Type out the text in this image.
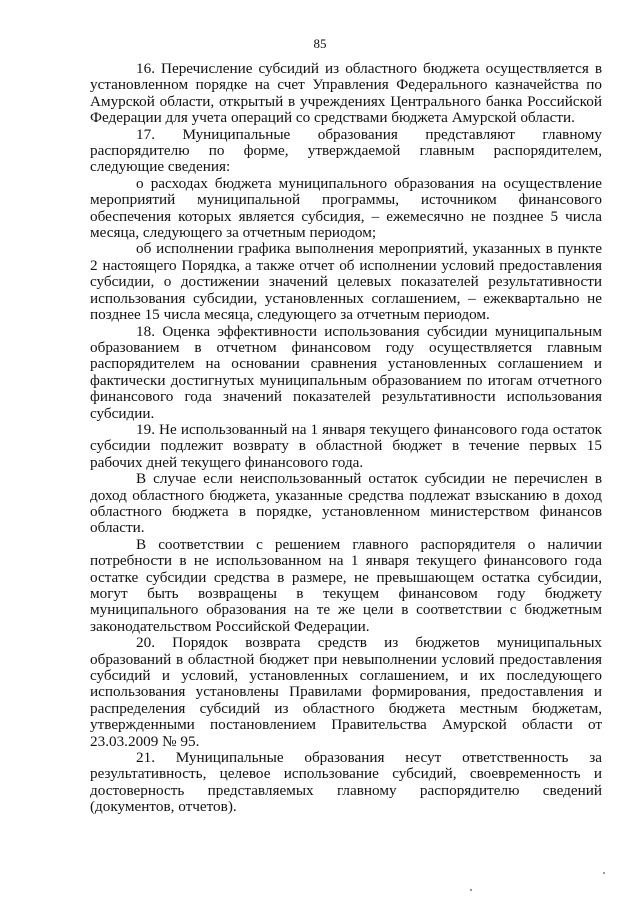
85

16. Перечисление субсидий из областного бюджета осуществляется в установленном порядке на счет Управления Федерального казначейства по Амурской области, открытый в учреждениях Центрального банка Российской Федерации для учета операций со средствами бюджета Амурской области.

17. Муниципальные образования представляют главному распорядителю по форме, утверждаемой главным распорядителем, следующие сведения:

о расходах бюджета муниципального образования на осуществление мероприятий муниципальной программы, источником финансового обеспечения которых является субсидия, – ежемесячно не позднее 5 числа месяца, следующего за отчетным периодом;

об исполнении графика выполнения мероприятий, указанных в пункте 2 настоящего Порядка, а также отчет об исполнении условий предоставления субсидии, о достижении значений целевых показателей результативности использования субсидии, установленных соглашением, – ежеквартально не позднее 15 числа месяца, следующего за отчетным периодом.

18. Оценка эффективности использования субсидии муниципальным образованием в отчетном финансовом году осуществляется главным распорядителем на основании сравнения установленных соглашением и фактически достигнутых муниципальным образованием по итогам отчетного финансового года значений показателей результативности использования субсидии.

19. Не использованный на 1 января текущего финансового года остаток субсидии подлежит возврату в областной бюджет в течение первых 15 рабочих дней текущего финансового года.

В случае если неиспользованный остаток субсидии не перечислен в доход областного бюджета, указанные средства подлежат взысканию в доход областного бюджета в порядке, установленном министерством финансов области.

В соответствии с решением главного распорядителя о наличии потребности в не использованном на 1 января текущего финансового года остатке субсидии средства в размере, не превышающем остатка субсидии, могут быть возвращены в текущем финансовом году бюджету муниципального образования на те же цели в соответствии с бюджетным законодательством Российской Федерации.

20. Порядок возврата средств из бюджетов муниципальных образований в областной бюджет при невыполнении условий предоставления субсидий и условий, установленных соглашением, и их последующего использования установлены Правилами формирования, предоставления и распределения субсидий из областного бюджета местным бюджетам, утвержденными постановлением Правительства Амурской области от 23.03.2009 № 95.

21. Муниципальные образования несут ответственность за результативность, целевое использование субсидий, своевременность и достоверность представляемых главному распорядителю сведений (документов, отчетов).
